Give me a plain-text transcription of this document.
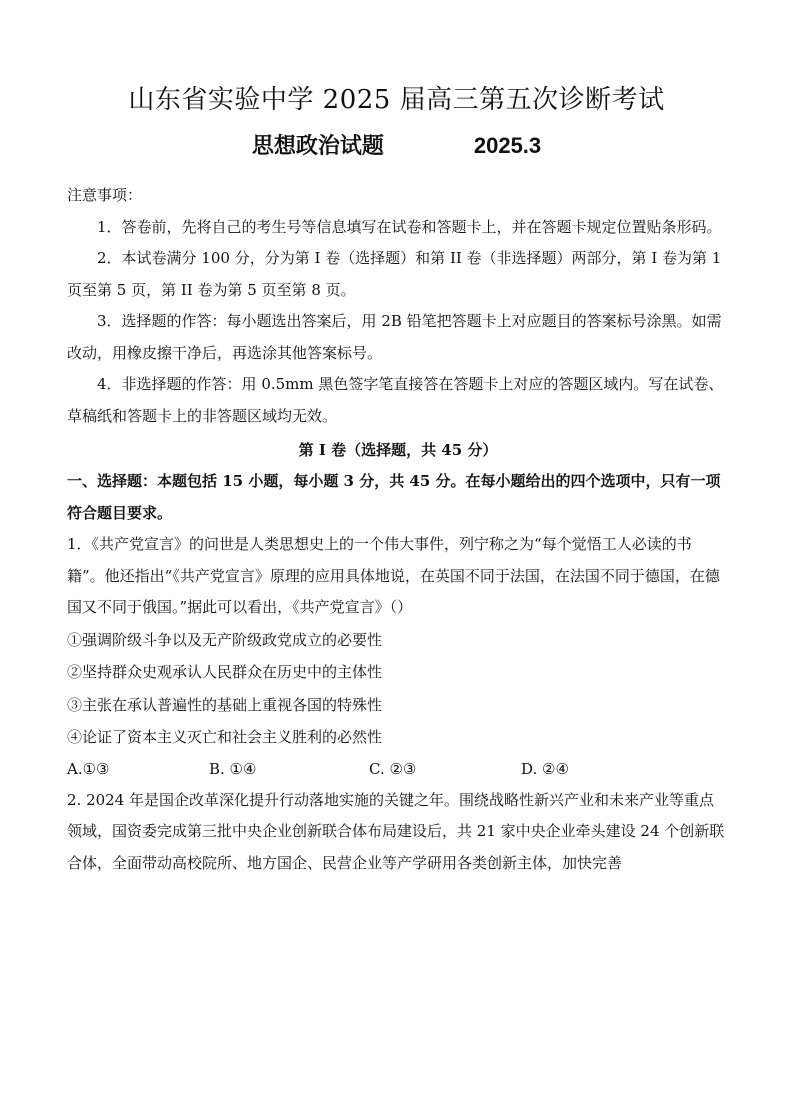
山东省实验中学 2025 届高三第五次诊断考试
思想政治试题	2025.3

注意事项：

1．答卷前，先将自己的考生号等信息填写在试卷和答题卡上，并在答题卡规定位置贴条形码。

2．本试卷满分 100 分，分为第 I 卷（选择题）和第 II 卷（非选择题）两部分，第 I 卷为第 1 页至第 5 页，第 II 卷为第 5 页至第 8 页。

3．选择题的作答：每小题选出答案后，用 2B 铅笔把答题卡上对应题目的答案标号涂黑。如需改动，用橡皮擦干净后，再选涂其他答案标号。

4．非选择题的作答：用 0.5mm 黑色签字笔直接答在答题卡上对应的答题区域内。写在试卷、草稿纸和答题卡上的非答题区域均无效。

第 I 卷（选择题，共 45 分）

一、选择题：本题包括 15 小题，每小题 3 分，共 45 分。在每小题给出的四个选项中，只有一项符合题目要求。

1．《共产党宣言》的问世是人类思想史上的一个伟大事件，列宁称之为“每个觉悟工人必读的书籍”。他还指出“《共产党宣言》原理的应用具体地说，在英国不同于法国，在法国不同于德国，在德国又不同于俄国。”据此可以看出，《共产党宣言》（）

①强调阶级斗争以及无产阶级政党成立的必要性

②坚持群众史观承认人民群众在历史中的主体性

③主张在承认普遍性的基础上重视各国的特殊性

④论证了资本主义灭亡和社会主义胜利的必然性

A.①③	B. ①④	C. ②③	D. ②④

2. 2024 年是国企改革深化提升行动落地实施的关键之年。围绕战略性新兴产业和未来产业等重点领域，国资委完成第三批中央企业创新联合体布局建设后，共 21 家中央企业牵头建设 24 个创新联合体，全面带动高校院所、地方国企、民营企业等产学研用各类创新主体，加快完善
